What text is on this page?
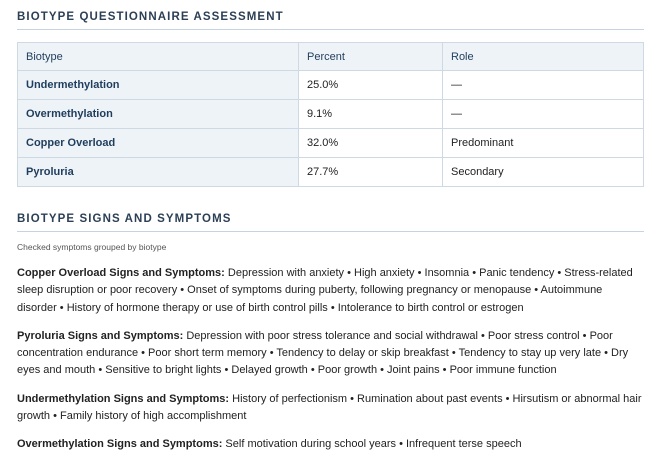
BIOTYPE QUESTIONNAIRE ASSESSMENT
Biotype	Percent	Role
Undermethylation	25.0%	—
Overmethylation	9.1%	—
Copper Overload	32.0%	Predominant
Pyroluria	27.7%	Secondary
BIOTYPE SIGNS AND SYMPTOMS
Checked symptoms grouped by biotype

Copper Overload Signs and Symptoms: Depression with anxiety • High anxiety • Insomnia • Panic tendency • Stress-related sleep disruption or poor recovery • Onset of symptoms during puberty, following pregnancy or menopause • Autoimmune disorder • History of hormone therapy or use of birth control pills • Intolerance to birth control or estrogen

Pyroluria Signs and Symptoms: Depression with poor stress tolerance and social withdrawal • Poor stress control • Poor concentration endurance • Poor short term memory • Tendency to delay or skip breakfast • Tendency to stay up very late • Dry eyes and mouth • Sensitive to bright lights • Delayed growth • Poor growth • Joint pains • Poor immune function

Undermethylation Signs and Symptoms: History of perfectionism • Rumination about past events • Hirsutism or abnormal hair growth • Family history of high accomplishment

Overmethylation Signs and Symptoms: Self motivation during school years • Infrequent terse speech
